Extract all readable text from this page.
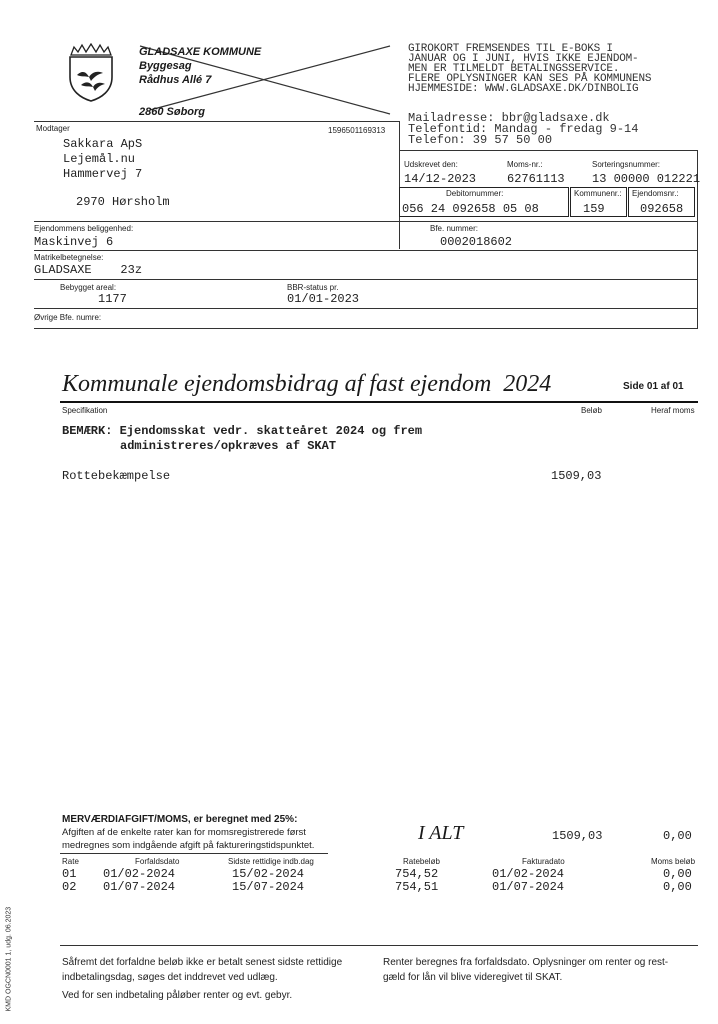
GLADSAXE KOMMUNE
Byggesag
Rådhus Allé 7
2860 Søborg
GIROKORT FREMSENDES TIL E-BOKS I
JANUAR OG I JUNI, HVIS IKKE EJENDOM-
MEN ER TILMELDT BETALINGSSERVICE.
FLERE OPLYSNINGER KAN SES PÅ KOMMUNENS
HJEMMESIDE: WWW.GLADSAXE.DK/DINBOLIG
Mailadresse: bbr@gladsaxe.dk
Telefontid: Mandag - fredag 9-14
Telefon: 39 57 50 00
Modtager	1596501169313
Sakkara ApS
Lejemål.nu
Hammervej 7
2970 Hørsholm
Udskrevet den:
14/12-2023
Moms-nr.:
62761113
Sorteringsnummer:
13 00000 012221
Debitornummer:
056 24 092658 05 08
Kommunenr.:
159
Ejendomsnr.:
092658
Ejendommens beliggenhed:
Maskinvej 6
Bfe. nummer:
0002018602
Matrikelbetegnelse:
GLADSAXE    23z
Bebygget areal:
1177
BBR-status pr.
01/01-2023
Øvrige Bfe. numre:
Kommunale ejendomsbidrag af fast ejendom 2024	Side 01 af 01
Specifikation	Beløb	Heraf moms
BEMÆRK: Ejendomsskat vedr. skatteåret 2024 og frem
administreres/opkræves af SKAT
Rottebekæmpelse	1509,03
MERVÆRDIAFGIFT/MOMS, er beregnet med 25%:
Afgiften af de enkelte rater kan for momsregistrerede først
medregnes som indgående afgift på faktureringstidspunktet.
I ALT	1509,03	0,00
Rate	Forfaldsdato	Sidste rettidige indb.dag	Ratebeløb	Fakturadato	Moms beløb
01 01/02-2024	15/02-2024	754,52	01/02-2024	0,00
02 01/07-2024	15/07-2024	754,51	01/07-2024	0,00
Såfremt det forfaldne beløb ikke er betalt senest sidste rettidige
indbetalingsdag, søges det inddrevet ved udlæg.
Ved for sen indbetaling påløber renter og evt. gebyr.
Renter beregnes fra forfaldsdato. Oplysninger om renter og rest-
gæld for lån vil blive videregivet til SKAT.
KMD OGCN0001 1, udg. 06.2023
